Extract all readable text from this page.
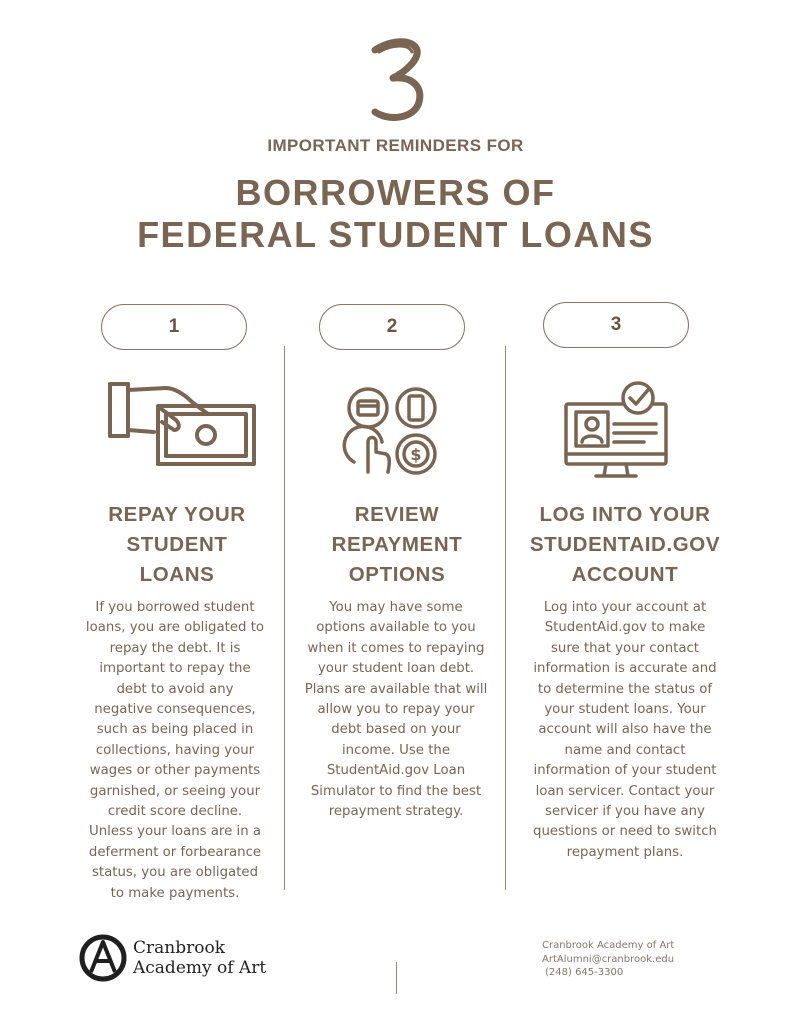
IMPORTANT REMINDERS FOR
BORROWERS OF
FEDERAL STUDENT LOANS
1
REPAY YOUR
STUDENT
LOANS
If you borrowed student
loans, you are obligated to
repay the debt. It is
important to repay the
debt to avoid any
negative consequences,
such as being placed in
collections, having your
wages or other payments
garnished, or seeing your
credit score decline.
Unless your loans are in a
deferment or forbearance
status, you are obligated
to make payments.
2
$
REVIEW
REPAYMENT
OPTIONS
You may have some
options available to you
when it comes to repaying
your student loan debt.
Plans are available that will
allow you to repay your
debt based on your
income. Use the
StudentAid.gov Loan
Simulator to find the best
repayment strategy.
3
LOG INTO YOUR
STUDENTAID.GOV
ACCOUNT
Log into your account at
StudentAid.gov to make
sure that your contact
information is accurate and
to determine the status of
your student loans. Your
account will also have the
name and contact
information of your student
loan servicer. Contact your
servicer if you have any
questions or need to switch
repayment plans.
Cranbrook
Academy of Art
Cranbrook Academy of Art
ArtAlumni@cranbrook.edu
(248) 645-3300
